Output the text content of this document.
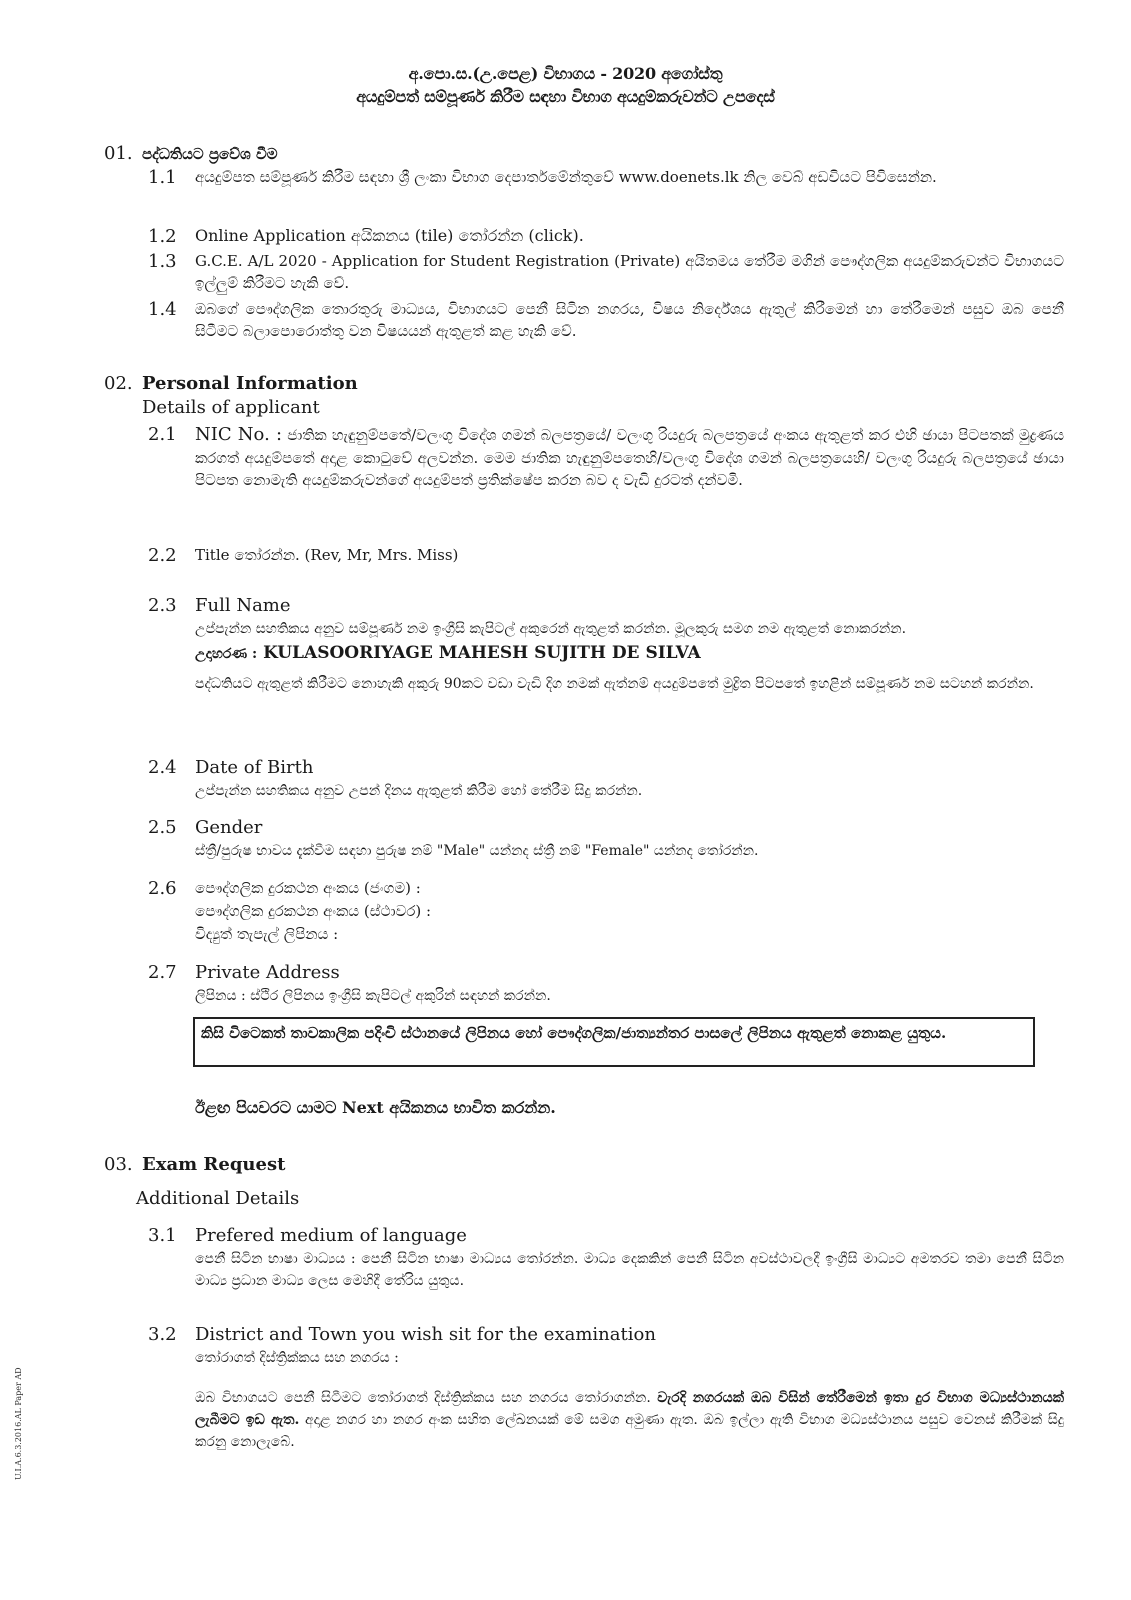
අ.පො.ස.(උ.පෙළ) විභාගය - 2020 අගෝස්තු
අයදුම්පත් සම්පූර්ණ කිරීම සඳහා විභාග අයදුම්කරුවන්ට උපදෙස්
01. පද්ධතියට ප්‍රවේශ වීම
1.1 අයදුම්පත සම්පූර්ණ කිරීම සඳහා ශ්‍රී ලංකා විභාග දෙපාර්තමේන්තුවේ www.doenets.lk නිල වෙබ් අඩවියට පිවිසෙන්න.
1.2 Online Application අයිකනය (tile) තෝරන්න (click).
1.3 G.C.E. A/L 2020 - Application for Student Registration (Private) අයිතමය තේරීම මගින් පෞද්ගලික අයදුම්කරුවන්ට විභාගයට ඉල්ලුම් කිරීමට හැකි වේ.
1.4 ඔබගේ පෞද්ගලික තොරතුරු මාධ්‍යය, විභාගයට පෙනී සිටින නගරය, විෂය නිර්දේශය ඇතුල් කිරීමෙන් හා තේරීමෙන් පසුව ඔබ පෙනී සිටීමට බලාපොරොත්තු වන විෂයයන් ඇතුළත් කළ හැකි වේ.
02. Personal Information
Details of applicant
2.1 NIC No. : ජාතික හැඳුනුම්පතේ/වලංගු විදේශ ගමන් බලපත්‍රයේ/ වලංගු රියදුරු බලපත්‍රයේ අංකය ඇතුළත් කර එහි ඡායා පිටපතක් මුද්‍රණය කරගත් අයදුම්පතේ අදාළ කොටුවේ අලවන්න. මෙම ජාතික හැඳුනුම්පතෙහි/වලංගු විදේශ ගමන් බලපත්‍රයෙහි/ වලංගු රියදුරු බලපත්‍රයේ ඡායා පිටපත නොමැති අයදුම්කරුවන්ගේ අයදුම්පත් ප්‍රතික්ෂේප කරන බව ද වැඩි දුරටත් දන්වමි.
2.2 Title තෝරන්න. (Rev, Mr, Mrs. Miss)
2.3 Full Name
උප්පැන්න සහතිකය අනුව සම්පූර්ණ නම ඉංග්‍රීසි කැපිටල් අකුරෙන් ඇතුළත් කරන්න. මූලකුරු සමග නම ඇතුළත් නොකරන්න.
උදාහරණ : KULASOORIYAGE MAHESH SUJITH DE SILVA
පද්ධතියට ඇතුළත් කිරීමට නොහැකි අකුරු 90කට වඩා වැඩි දිග නමක් ඇත්නම් අයදුම්පතේ මුද්‍රිත පිටපතේ ඉහළින් සම්පූර්ණ නම සටහන් කරන්න.
2.4 Date of Birth
උප්පැන්න සහතිකය අනුව උපන් දිනය ඇතුළත් කිරීම හෝ තේරීම සිදු කරන්න.
2.5 Gender
ස්ත්‍රී/පුරුෂ භාවය දැක්වීම සඳහා පුරුෂ නම් "Male" යන්නද ස්ත්‍රී නම් "Female" යන්නද තෝරන්න.
2.6 පෞද්ගලික දුරකථන අංකය (ජංගම) :
පෞද්ගලික දුරකථන අංකය (ස්ථාවර) :
විද්‍යුත් තැපැල් ලිපිනය :
2.7 Private Address
ලිපිනය : ස්ථිර ලිපිනය ඉංග්‍රීසි කැපිටල් අකුරින් සඳහන් කරන්න.
කිසි විටෙකත් තාවකාලික පදිංචි ස්ථානයේ ලිපිනය හෝ පෞද්ගලික/ජාත්‍යන්තර පාසලේ ලිපිනය ඇතුළත් නොකළ යුතුය.
ඊළඟ පියවරට යාමට Next අයිකනය භාවිත කරන්න.
03. Exam Request
Additional Details
3.1 Prefered medium of language
පෙනී සිටින භාෂා මාධ්‍යය : පෙනී සිටින භාෂා මාධ්‍යය තෝරන්න. මාධ්‍ය දෙකකින් පෙනී සිටින අවස්ථාවලදී ඉංග්‍රීසි මාධ්‍යට අමතරව තමා පෙනී සිටින මාධ්‍ය ප්‍රධාන මාධ්‍ය ලෙස මෙහිදී තේරිය යුතුය.
3.2 District and Town you wish sit for the examination
තෝරාගත් දිස්ත්‍රික්කය සහ නගරය :
ඔබ විභාගයට පෙනී සිටීමට තෝරාගත් දිස්ත්‍රික්කය සහ නගරය තෝරාගන්න. වැරදි නගරයක් ඔබ විසින් තේරීමෙන් ඉතා දුර විභාග මධ්‍යස්ථානයක් ලැබීමට ඉඩ ඇත. අදාළ නගර හා නගර අංක සහිත ලේඛනයක් මේ සමග අමුණා ඇත. ඔබ ඉල්ලා ඇති විභාග මධ්‍යස්ථානය පසුව වෙනස් කිරීමක් සිදු කරනු නොලැබේ.
U.I.A.6.3.2016.AL Paper AD
